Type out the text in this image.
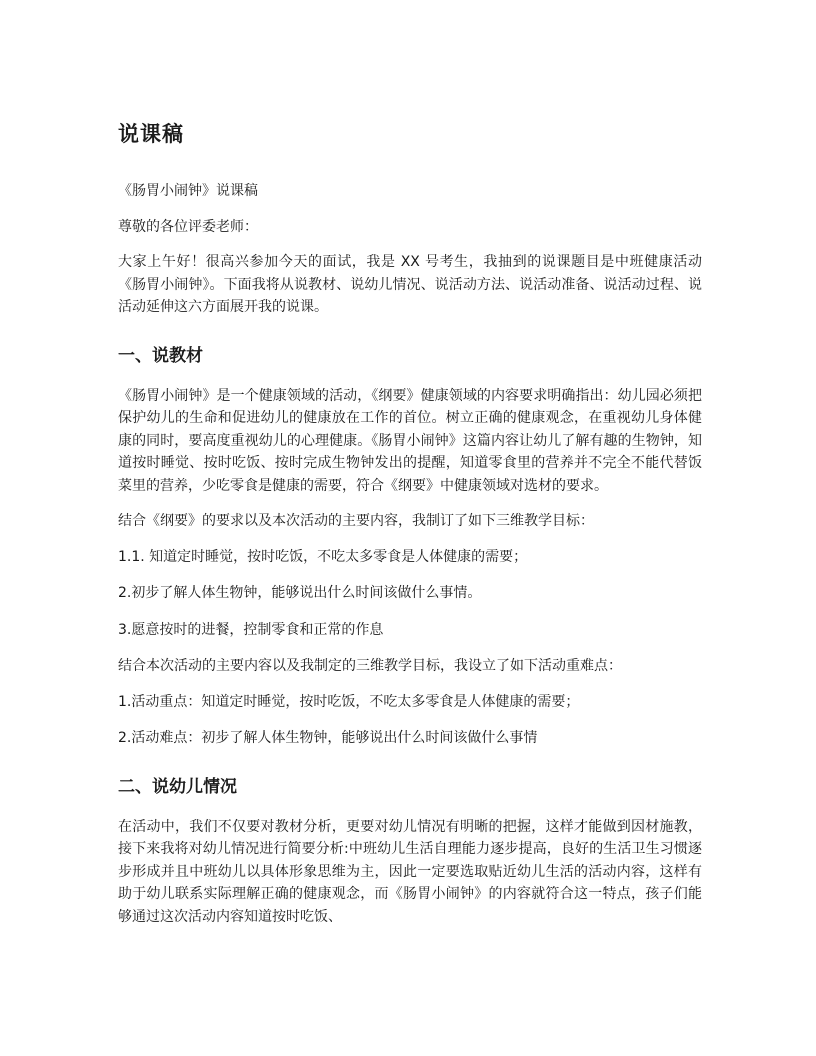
说课稿

《肠胃小闹钟》说课稿

尊敬的各位评委老师：

大家上午好！很高兴参加今天的面试，我是 XX 号考生，我抽到的说课题目是中班健康活动《肠胃小闹钟》。下面我将从说教材、说幼儿情况、说活动方法、说活动准备、说活动过程、说活动延伸这六方面展开我的说课。

一、说教材

《肠胃小闹钟》是一个健康领域的活动，《纲要》健康领域的内容要求明确指出：幼儿园必须把保护幼儿的生命和促进幼儿的健康放在工作的首位。树立正确的健康观念，在重视幼儿身体健康的同时，要高度重视幼儿的心理健康。《肠胃小闹钟》这篇内容让幼儿了解有趣的生物钟，知道按时睡觉、按时吃饭、按时完成生物钟发出的提醒，知道零食里的营养并不完全不能代替饭菜里的营养，少吃零食是健康的需要，符合《纲要》中健康领域对选材的要求。

结合《纲要》的要求以及本次活动的主要内容，我制订了如下三维教学目标：

1.1. 知道定时睡觉，按时吃饭，不吃太多零食是人体健康的需要；

2.初步了解人体生物钟，能够说出什么时间该做什么事情。

3.愿意按时的进餐，控制零食和正常的作息

结合本次活动的主要内容以及我制定的三维教学目标，我设立了如下活动重难点：

1.活动重点：知道定时睡觉，按时吃饭，不吃太多零食是人体健康的需要；

2.活动难点：初步了解人体生物钟，能够说出什么时间该做什么事情

二、说幼儿情况

在活动中，我们不仅要对教材分析，更要对幼儿情况有明晰的把握，这样才能做到因材施教，接下来我将对幼儿情况进行简要分析:中班幼儿生活自理能力逐步提高，良好的生活卫生习惯逐步形成并且中班幼儿以具体形象思维为主，因此一定要选取贴近幼儿生活的活动内容，这样有助于幼儿联系实际理解正确的健康观念，而《肠胃小闹钟》的内容就符合这一特点，孩子们能够通过这次活动内容知道按时吃饭、
